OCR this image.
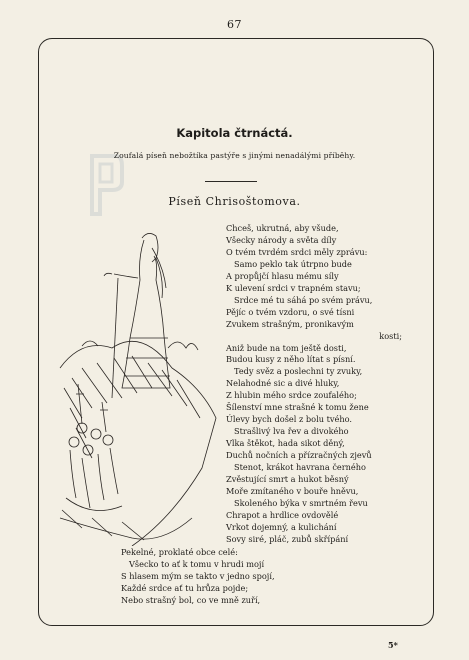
67
Kapitola čtrnáctá.
Zoufalá píseň nebožtíka pastýře s jinými nenadálými příběhy.
Píseň Chrisoštomova.
Chceš, ukrutná, aby všude,
Všecky národy a světa díly
O tvém tvrdém srdci měly zprávu:
Samo peklo tak útrpno bude
A propůjčí hlasu mému síly
K ulevení srdci v trapném stavu;
Srdce mé tu sáhá po svém právu,
Pějíc o tvém vzdoru, o své tísni
Zvukem strašným, pronikavým
kosti;
Aniž bude na tom ještě dosti,
Budou kusy z něho lítat s písní.
Tedy svěz a poslechni ty zvuky,
Nelahodné sic a divé hluky,
Z hlubin mého srdce zoufalého;
Šílenství mne strašné k tomu žene
Úlevy bych došel z bolu tvého.
Strašlivý lva řev a divokého
Vlka štěkot, hada sikot děný,
Duchů nočních a přízračných zjevů
Stenot, krákot havrana černého
Zvěstující smrt a hukot běsný
Moře zmítaného v bouře hněvu,
Skoleného býka v smrtném řevu
Chrapot a hrdlice ovdovělé
Vrkot dojemný, a kulichání
Sovy siré, pláč, zubů skřípání
Pekelné, proklaté obce celé:
Všecko to ať k tomu v hrudi mojí
S hlasem mým se takto v jedno spojí,
Každé srdce ať tu hrůza pojde;
Nebo strašný bol, co ve mně zuří,
5*
